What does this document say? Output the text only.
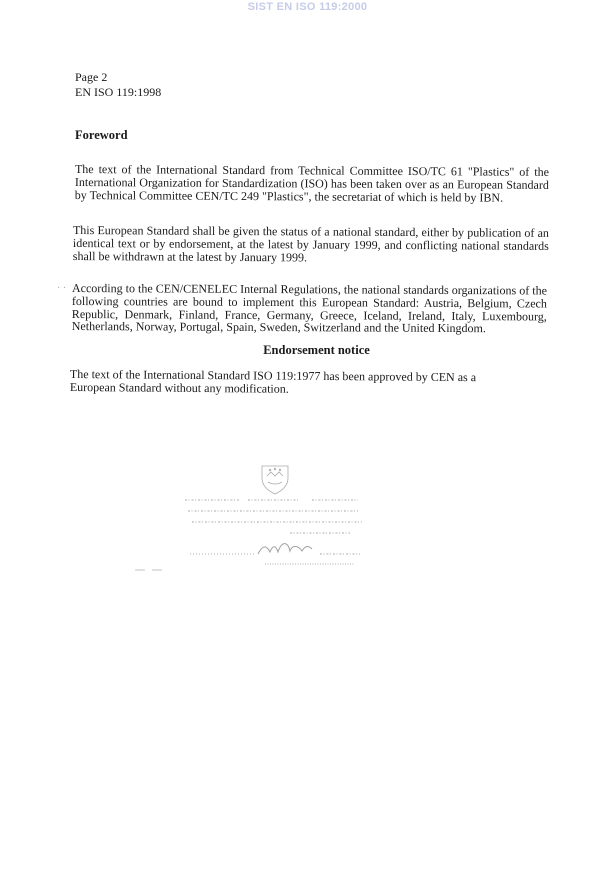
SIST EN ISO 119:2000
Page 2
EN ISO 119:1998
Foreword
The text of the International Standard from Technical Committee ISO/TC 61 "Plastics" of the International Organization for Standardization (ISO) has been taken over as an European Standard by Technical Committee CEN/TC 249 "Plastics", the secretariat of which is held by IBN.
This European Standard shall be given the status of a national standard, either by publication of an identical text or by endorsement, at the latest by January 1999, and conflicting national standards shall be withdrawn at the latest by January 1999.
· · According to the CEN/CENELEC Internal Regulations, the national standards organizations of the following countries are bound to implement this European Standard: Austria, Belgium, Czech Republic, Denmark, Finland, France, Germany, Greece, Iceland, Ireland, Italy, Luxembourg, Netherlands, Norway, Portugal, Spain, Sweden, Switzerland and the United Kingdom.
Endorsement notice
The text of the International Standard ISO 119:1977 has been approved by CEN as a European Standard without any modification.
